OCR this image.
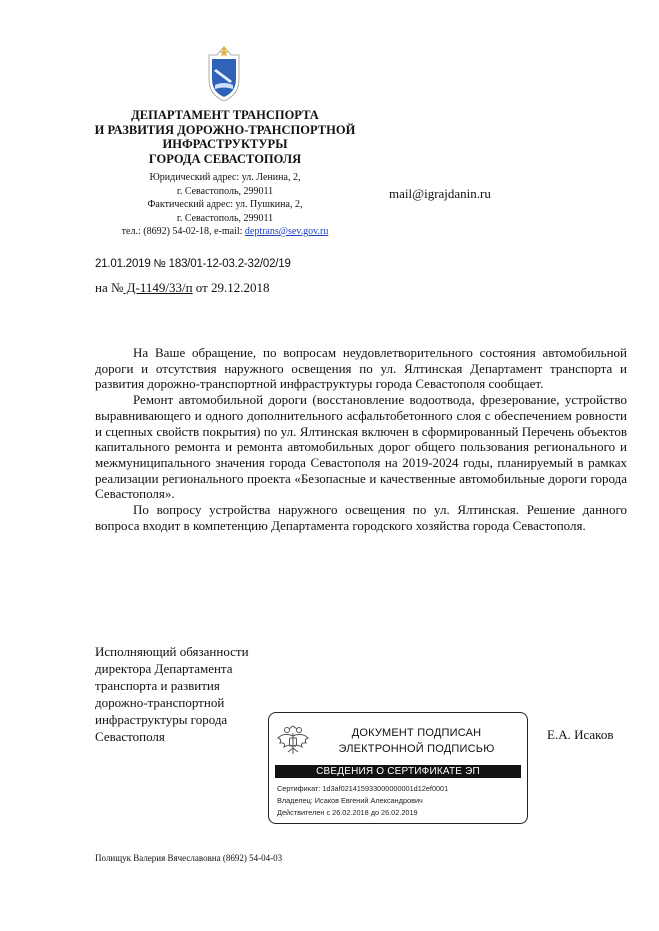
ДЕПАРТАМЕНТ ТРАНСПОРТА
И РАЗВИТИЯ ДОРОЖНО-ТРАНСПОРТНОЙ
ИНФРАСТРУКТУРЫ
ГОРОДА СЕВАСТОПОЛЯ
Юридический адрес: ул. Ленина, 2,
г. Севастополь, 299011
Фактический адрес: ул. Пушкина, 2,
г. Севастополь, 299011
тел.: (8692) 54-02-18, e-mail: deptrans@sev.gov.ru
mail@igrajdanin.ru
21.01.2019 № 183/01-12-03.2-32/02/19
на № Д-1149/33/п от 29.12.2018

На Ваше обращение, по вопросам неудовлетворительного состояния автомобильной дороги и отсутствия наружного освещения по ул. Ялтинская Департамент транспорта и развития дорожно-транспортной инфраструктуры города Севастополя сообщает.

Ремонт автомобильной дороги (восстановление водоотвода, фрезерование, устройство выравнивающего и одного дополнительного асфальтобетонного слоя с обеспечением ровности и сцепных свойств покрытия) по ул. Ялтинская включен в сформированный Перечень объектов капитального ремонта и ремонта автомобильных дорог общего пользования регионального и межмуниципального значения города Севастополя на 2019-2024 годы, планируемый в рамках реализации регионального проекта «Безопасные и качественные автомобильные дороги города Севастополя».

По вопросу устройства наружного освещения по ул. Ялтинская. Решение данного вопроса входит в компетенцию Департамента городского хозяйства города Севастополя.

Исполняющий обязанности
директора Департамента
транспорта и развития
дорожно-транспортной
инфраструктуры города
Севастополя	ДОКУМЕНТ ПОДПИСАН
ЭЛЕКТРОННОЙ ПОДПИСЬЮ
СВЕДЕНИЯ О СЕРТИФИКАТЕ ЭП
Сертификат: 1d3af021415933000000001d12ef0001
Владелец: Исаков Евгений Александрович
Действителен с 26.02.2018 до 26.02.2019
Е.А. Исаков
Полищук Валерия Вячеславовна (8692) 54-04-03
